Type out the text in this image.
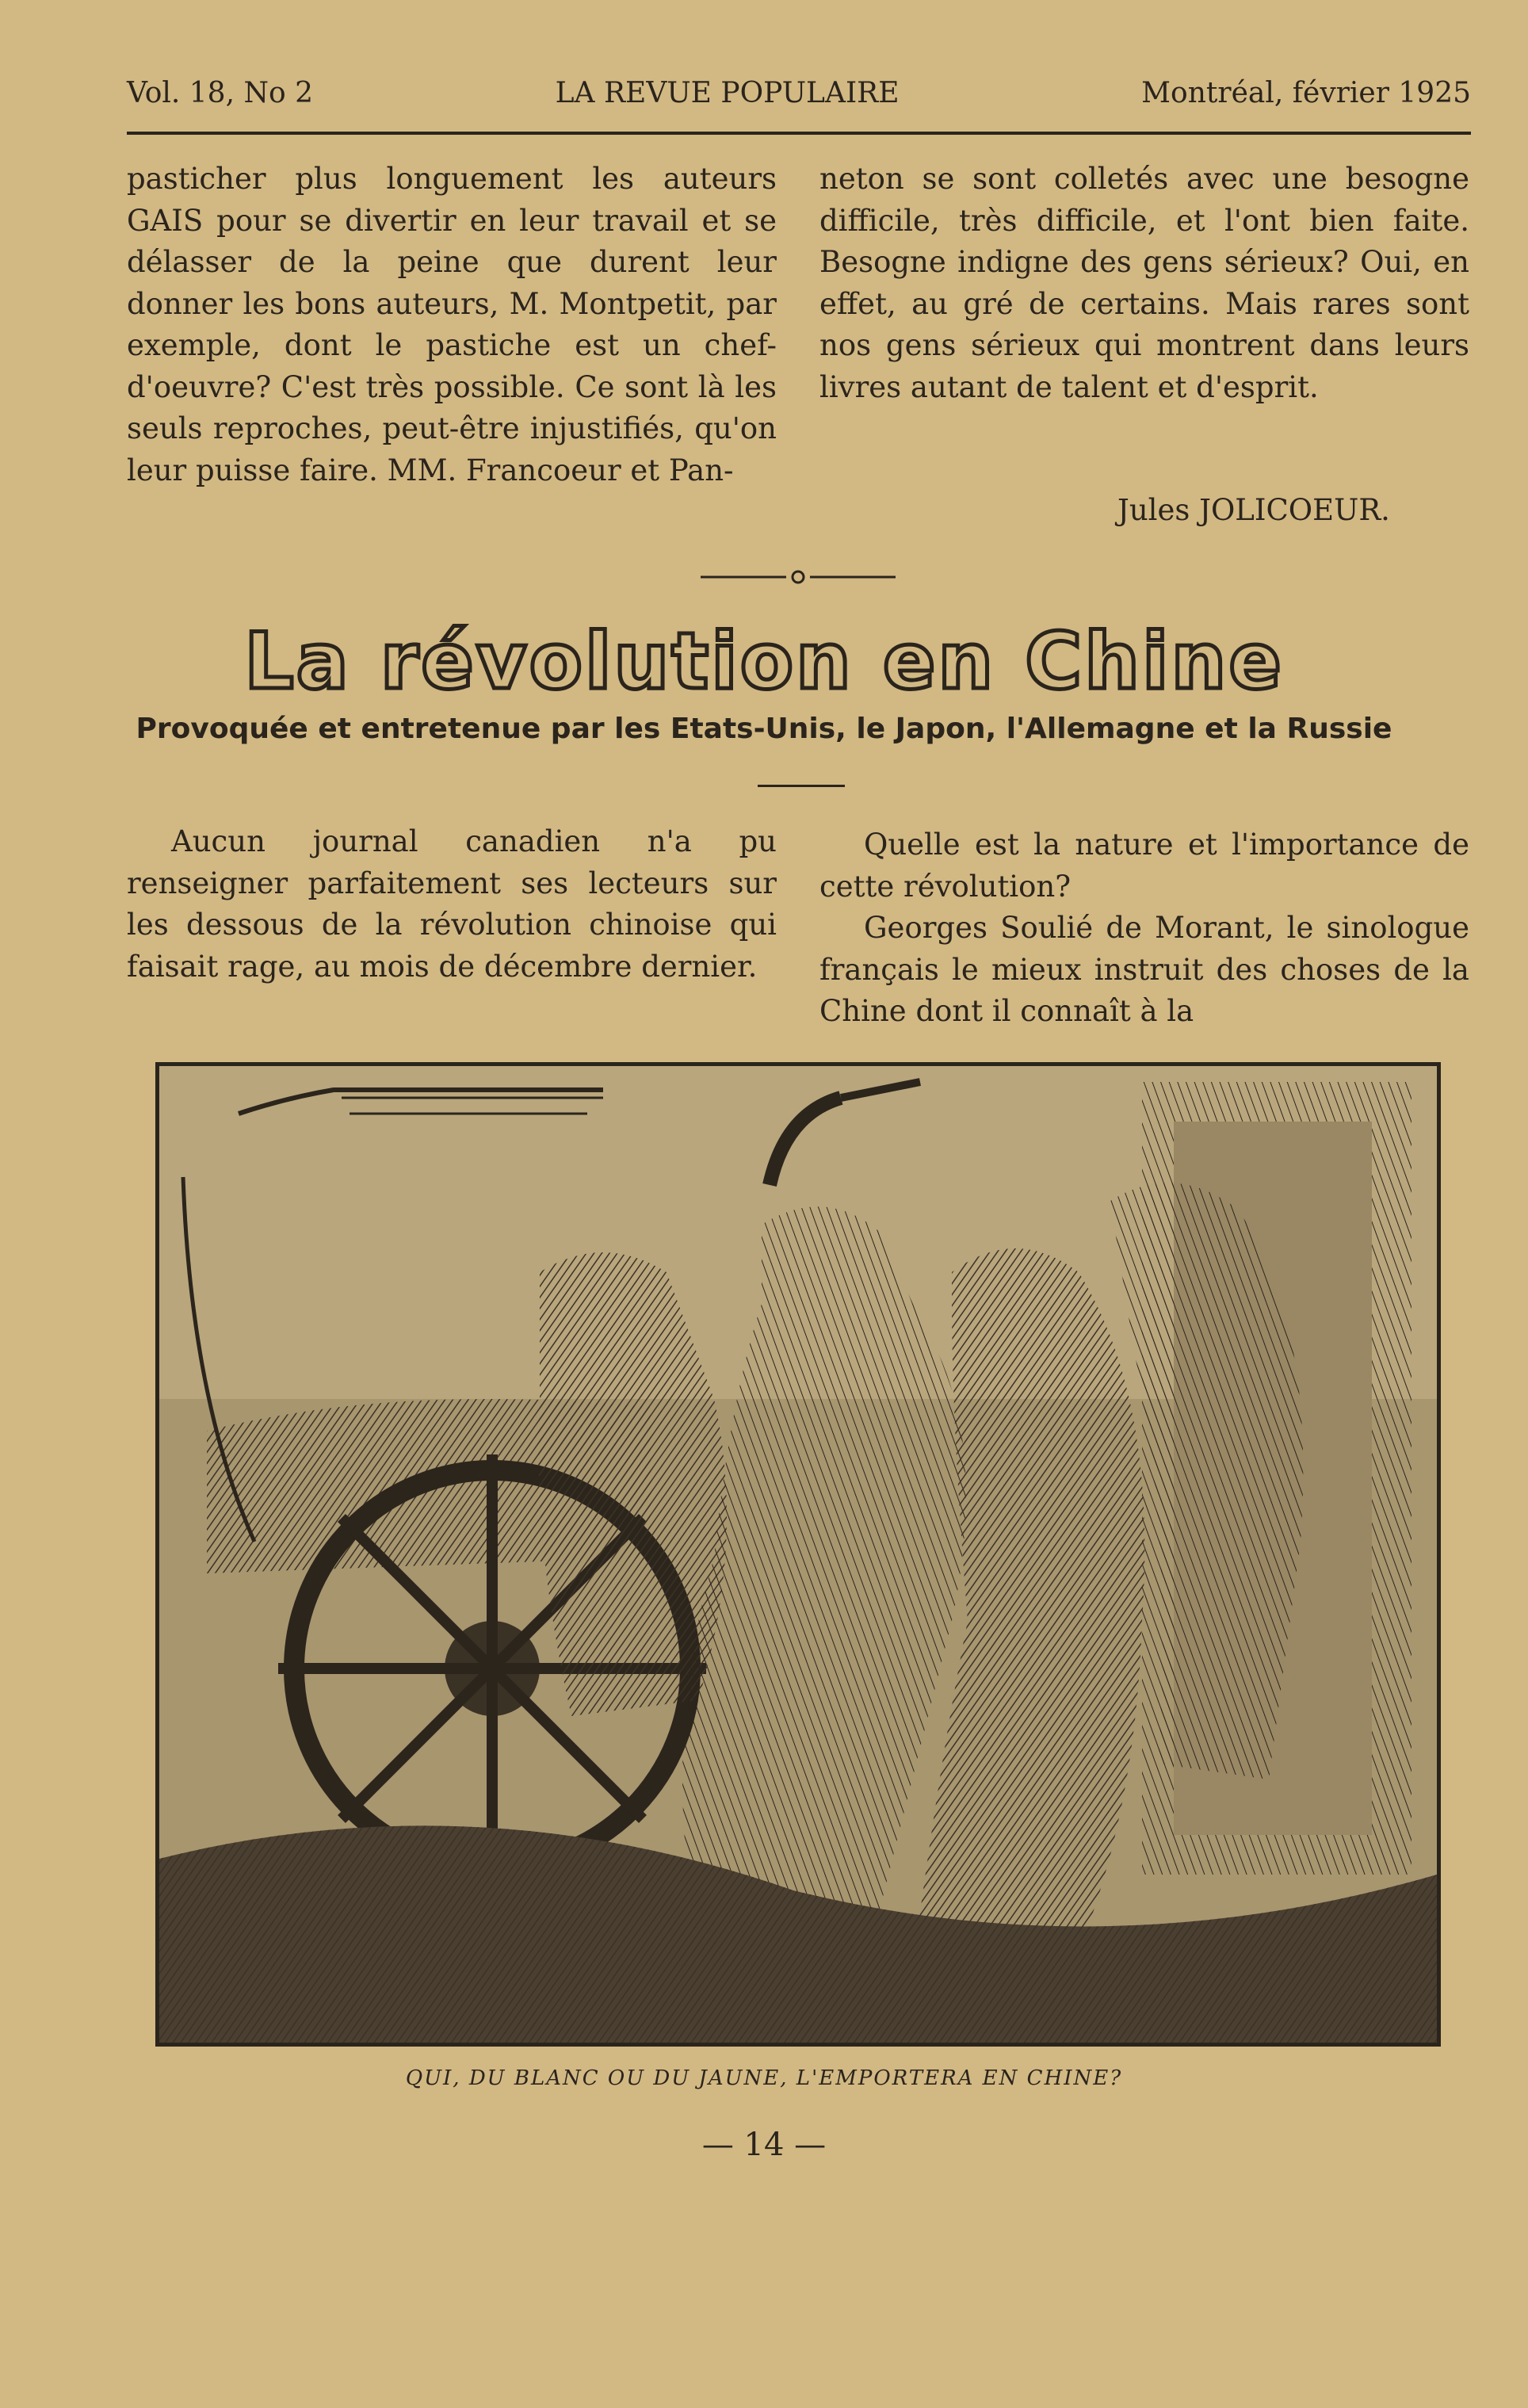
Vol. 18, No 2	LA REVUE POPULAIRE	Montréal, février 1925

pasticher plus longuement les auteurs GAIS pour se divertir en leur travail et se délasser de la peine que durent leur donner les bons auteurs, M. Montpetit, par exemple, dont le pastiche est un chef-d'oeuvre? C'est très possible. Ce sont là les seuls reproches, peut-être injustifiés, qu'on leur puisse faire. MM. Francoeur et Pan-

neton se sont colletés avec une besogne difficile, très difficile, et l'ont bien faite. Besogne indigne des gens sérieux? Oui, en effet, au gré de certains. Mais rares sont nos gens sérieux qui montrent dans leurs livres autant de talent et d'esprit.

Jules JOLICOEUR.
La révolution en Chine
Provoquée et entretenue par les Etats-Unis, le Japon, l'Allemagne et la Russie

Aucun journal canadien n'a pu renseigner parfaitement ses lecteurs sur les dessous de la révolution chinoise qui faisait rage, au mois de décembre dernier.

Quelle est la nature et l'importance de cette révolution?

Georges Soulié de Morant, le sinologue français le mieux instruit des choses de la Chine dont il connaît à la

QUI, DU BLANC OU DU JAUNE, L'EMPORTERA EN CHINE?
— 14 —
